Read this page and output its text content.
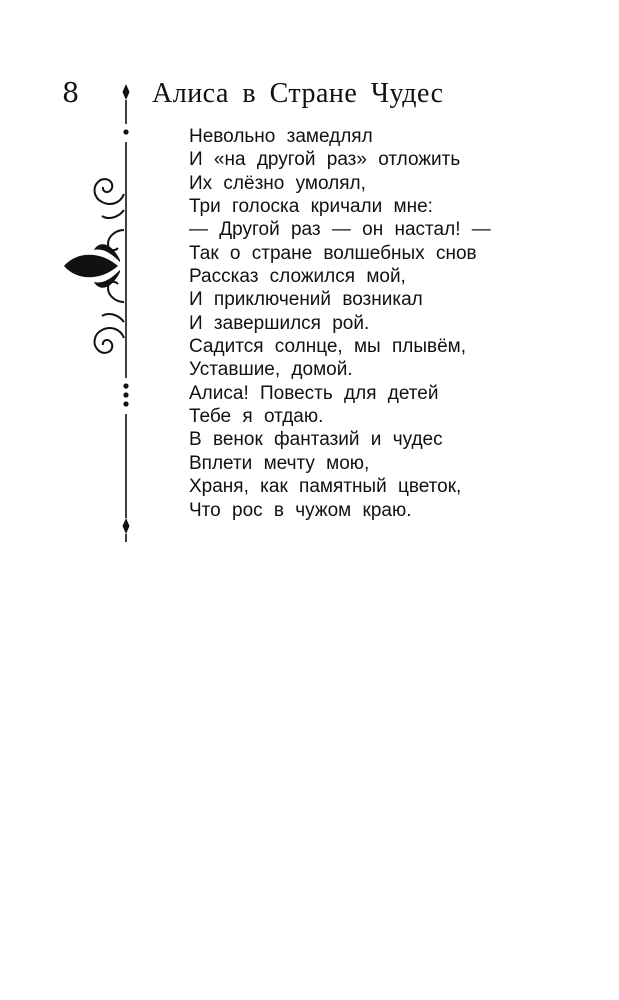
8	Алиса в Стране Чудес
Невольно замедлял
И «на другой раз» отложить
Их слёзно умолял,
Три голоска кричали мне:
— Другой раз — он настал! —
Так о стране волшебных снов
Рассказ сложился мой,
И приключений возникал
И завершился рой.
Садится солнце, мы плывём,
Уставшие, домой.
Алиса! Повесть для детей
Тебе я отдаю.
В венок фантазий и чудес
Вплети мечту мою,
Храня, как памятный цветок,
Что рос в чужом краю.
